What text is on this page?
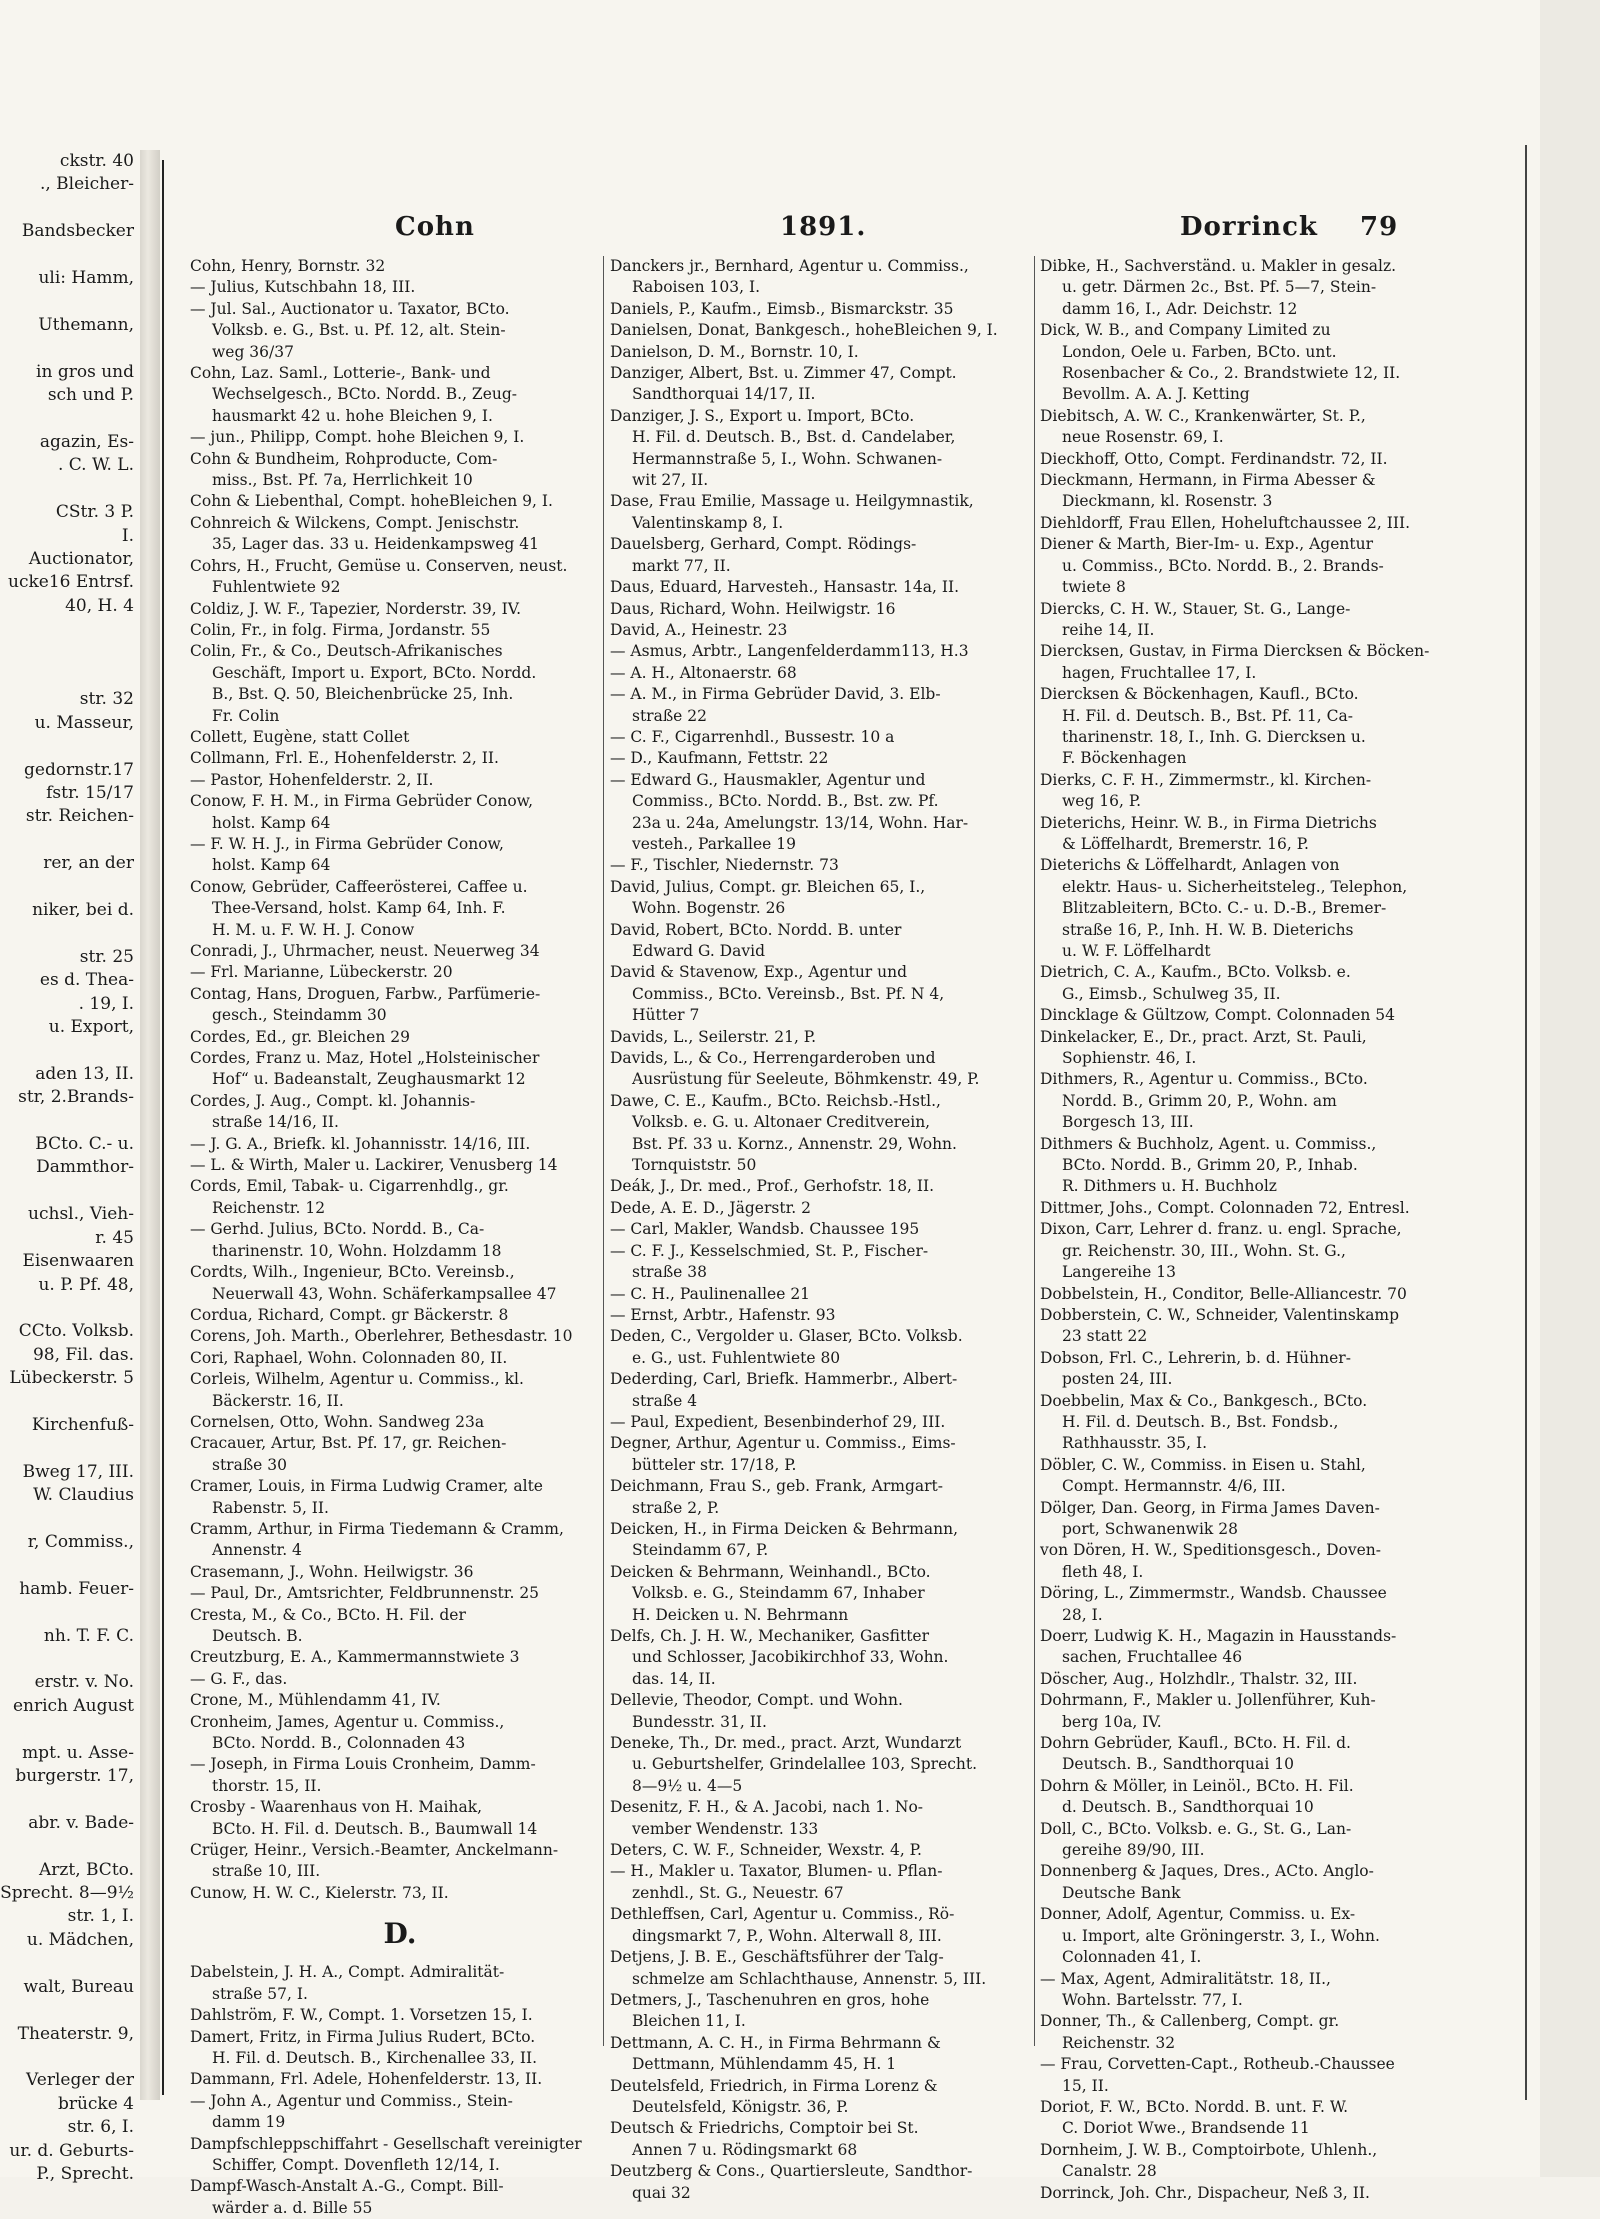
ckstr. 40
., Bleicher-

Bandsbecker

uli: Hamm,

Uthemann,

in gros und
sch und P.

agazin, Es-
. C. W. L.

CStr. 3 P.
I.
Auctionator,
ucke16 Entrsf.
40, H. 4

str. 32
u. Masseur,

gedornstr.17
fstr. 15/17
str. Reichen-

rer, an der

niker, bei d.

str. 25
es d. Thea-
. 19, I.
u. Export,

aden 13, II.
str, 2.Brands-

BCto. C.- u.
Dammthor-

uchsl., Vieh-
r. 45
Eisenwaaren
u. P. Pf. 48,

CCto. Volksb.
98, Fil. das.
Lübeckerstr. 5

Kirchenfuß-

Bweg 17, III.
W. Claudius

r, Commiss.,

hamb. Feuer-

nh. T. F. C.

erstr. v. No.
enrich August

mpt. u. Asse-
burgerstr. 17,

abr. v. Bade-

Arzt, BCto.
Sprecht. 8—9½
str. 1, I.
u. Mädchen,

walt, Bureau

Theaterstr. 9,

Verleger der
brücke 4
str. 6, I.
ur. d. Geburts-
P., Sprecht.
Cohn	1891.	Dorrinck 79
Cohn, Henry, Bornstr. 32
— Julius, Kutschbahn 18, III.
— Jul. Sal., Auctionator u. Taxator, BCto.
Volksb. e. G., Bst. u. Pf. 12, alt. Stein-
weg 36/37
Cohn, Laz. Saml., Lotterie-, Bank- und
Wechselgesch., BCto. Nordd. B., Zeug-
hausmarkt 42 u. hohe Bleichen 9, I.
— jun., Philipp, Compt. hohe Bleichen 9, I.
Cohn & Bundheim, Rohproducte, Com-
miss., Bst. Pf. 7a, Herrlichkeit 10
Cohn & Liebenthal, Compt. hoheBleichen 9, I.
Cohnreich & Wilckens, Compt. Jenischstr.
35, Lager das. 33 u. Heidenkampsweg 41
Cohrs, H., Frucht, Gemüse u. Conserven, neust.
Fuhlentwiete 92
Coldiz, J. W. F., Tapezier, Norderstr. 39, IV.
Colin, Fr., in folg. Firma, Jordanstr. 55
Colin, Fr., & Co., Deutsch-Afrikanisches
Geschäft, Import u. Export, BCto. Nordd.
B., Bst. Q. 50, Bleichenbrücke 25, Inh.
Fr. Colin
Collett, Eugène, statt Collet
Collmann, Frl. E., Hohenfelderstr. 2, II.
— Pastor, Hohenfelderstr. 2, II.
Conow, F. H. M., in Firma Gebrüder Conow,
holst. Kamp 64
— F. W. H. J., in Firma Gebrüder Conow,
holst. Kamp 64
Conow, Gebrüder, Caffeerösterei, Caffee u.
Thee-Versand, holst. Kamp 64, Inh. F.
H. M. u. F. W. H. J. Conow
Conradi, J., Uhrmacher, neust. Neuerweg 34
— Frl. Marianne, Lübeckerstr. 20
Contag, Hans, Droguen, Farbw., Parfümerie-
gesch., Steindamm 30
Cordes, Ed., gr. Bleichen 29
Cordes, Franz u. Maz, Hotel „Holsteinischer
Hof“ u. Badeanstalt, Zeughausmarkt 12
Cordes, J. Aug., Compt. kl. Johannis-
straße 14/16, II.
— J. G. A., Briefk. kl. Johannisstr. 14/16, III.
— L. & Wirth, Maler u. Lackirer, Venusberg 14
Cords, Emil, Tabak- u. Cigarrenhdlg., gr.
Reichenstr. 12
— Gerhd. Julius, BCto. Nordd. B., Ca-
tharinenstr. 10, Wohn. Holzdamm 18
Cordts, Wilh., Ingenieur, BCto. Vereinsb.,
Neuerwall 43, Wohn. Schäferkampsallee 47
Cordua, Richard, Compt. gr Bäckerstr. 8
Corens, Joh. Marth., Oberlehrer, Bethesdastr. 10
Cori, Raphael, Wohn. Colonnaden 80, II.
Corleis, Wilhelm, Agentur u. Commiss., kl.
Bäckerstr. 16, II.
Cornelsen, Otto, Wohn. Sandweg 23a
Cracauer, Artur, Bst. Pf. 17, gr. Reichen-
straße 30
Cramer, Louis, in Firma Ludwig Cramer, alte
Rabenstr. 5, II.
Cramm, Arthur, in Firma Tiedemann & Cramm,
Annenstr. 4
Crasemann, J., Wohn. Heilwigstr. 36
— Paul, Dr., Amtsrichter, Feldbrunnenstr. 25
Cresta, M., & Co., BCto. H. Fil. der
Deutsch. B.
Creutzburg, E. A., Kammermannstwiete 3
— G. F., das.
Crone, M., Mühlendamm 41, IV.
Cronheim, James, Agentur u. Commiss.,
BCto. Nordd. B., Colonnaden 43
— Joseph, in Firma Louis Cronheim, Damm-
thorstr. 15, II.
Crosby - Waarenhaus von H. Maihak,
BCto. H. Fil. d. Deutsch. B., Baumwall 14
Crüger, Heinr., Versich.-Beamter, Anckelmann-
straße 10, III.
Cunow, H. W. C., Kielerstr. 73, II.
D.
Dabelstein, J. H. A., Compt. Admiralität-
straße 57, I.
Dahlström, F. W., Compt. 1. Vorsetzen 15, I.
Damert, Fritz, in Firma Julius Rudert, BCto.
H. Fil. d. Deutsch. B., Kirchenallee 33, II.
Dammann, Frl. Adele, Hohenfelderstr. 13, II.
— John A., Agentur und Commiss., Stein-
damm 19
Dampfschleppschiffahrt - Gesellschaft vereinigter
Schiffer, Compt. Dovenfleth 12/14, I.
Dampf-Wasch-Anstalt A.-G., Compt. Bill-
wärder a. d. Bille 55
Danckers jr., Bernhard, Agentur u. Commiss.,
Raboisen 103, I.
Daniels, P., Kaufm., Eimsb., Bismarckstr. 35
Danielsen, Donat, Bankgesch., hoheBleichen 9, I.
Danielson, D. M., Bornstr. 10, I.
Danziger, Albert, Bst. u. Zimmer 47, Compt.
Sandthorquai 14/17, II.
Danziger, J. S., Export u. Import, BCto.
H. Fil. d. Deutsch. B., Bst. d. Candelaber,
Hermannstraße 5, I., Wohn. Schwanen-
wit 27, II.
Dase, Frau Emilie, Massage u. Heilgymnastik,
Valentinskamp 8, I.
Dauelsberg, Gerhard, Compt. Rödings-
markt 77, II.
Daus, Eduard, Harvesteh., Hansastr. 14a, II.
Daus, Richard, Wohn. Heilwigstr. 16
David, A., Heinestr. 23
— Asmus, Arbtr., Langenfelderdamm113, H.3
— A. H., Altonaerstr. 68
— A. M., in Firma Gebrüder David, 3. Elb-
straße 22
— C. F., Cigarrenhdl., Bussestr. 10 a
— D., Kaufmann, Fettstr. 22
— Edward G., Hausmakler, Agentur und
Commiss., BCto. Nordd. B., Bst. zw. Pf.
23a u. 24a, Amelungstr. 13/14, Wohn. Har-
vesteh., Parkallee 19
— F., Tischler, Niedernstr. 73
David, Julius, Compt. gr. Bleichen 65, I.,
Wohn. Bogenstr. 26
David, Robert, BCto. Nordd. B. unter
Edward G. David
David & Stavenow, Exp., Agentur und
Commiss., BCto. Vereinsb., Bst. Pf. N 4,
Hütter 7
Davids, L., Seilerstr. 21, P.
Davids, L., & Co., Herrengarderoben und
Ausrüstung für Seeleute, Böhmkenstr. 49, P.
Dawe, C. E., Kaufm., BCto. Reichsb.-Hstl.,
Volksb. e. G. u. Altonaer Creditverein,
Bst. Pf. 33 u. Kornz., Annenstr. 29, Wohn.
Tornquiststr. 50
Deák, J., Dr. med., Prof., Gerhofstr. 18, II.
Dede, A. E. D., Jägerstr. 2
— Carl, Makler, Wandsb. Chaussee 195
— C. F. J., Kesselschmied, St. P., Fischer-
straße 38
— C. H., Paulinenallee 21
— Ernst, Arbtr., Hafenstr. 93
Deden, C., Vergolder u. Glaser, BCto. Volksb.
e. G., ust. Fuhlentwiete 80
Dederding, Carl, Briefk. Hammerbr., Albert-
straße 4
— Paul, Expedient, Besenbinderhof 29, III.
Degner, Arthur, Agentur u. Commiss., Eims-
bütteler str. 17/18, P.
Deichmann, Frau S., geb. Frank, Armgart-
straße 2, P.
Deicken, H., in Firma Deicken & Behrmann,
Steindamm 67, P.
Deicken & Behrmann, Weinhandl., BCto.
Volksb. e. G., Steindamm 67, Inhaber
H. Deicken u. N. Behrmann
Delfs, Ch. J. H. W., Mechaniker, Gasfitter
und Schlosser, Jacobikirchhof 33, Wohn.
das. 14, II.
Dellevie, Theodor, Compt. und Wohn.
Bundesstr. 31, II.
Deneke, Th., Dr. med., pract. Arzt, Wundarzt
u. Geburtshelfer, Grindelallee 103, Sprecht.
8—9½ u. 4—5
Desenitz, F. H., & A. Jacobi, nach 1. No-
vember Wendenstr. 133
Deters, C. W. F., Schneider, Wexstr. 4, P.
— H., Makler u. Taxator, Blumen- u. Pflan-
zenhdl., St. G., Neuestr. 67
Dethleffsen, Carl, Agentur u. Commiss., Rö-
dingsmarkt 7, P., Wohn. Alterwall 8, III.
Detjens, J. B. E., Geschäftsführer der Talg-
schmelze am Schlachthause, Annenstr. 5, III.
Detmers, J., Taschenuhren en gros, hohe
Bleichen 11, I.
Dettmann, A. C. H., in Firma Behrmann &
Dettmann, Mühlendamm 45, H. 1
Deutelsfeld, Friedrich, in Firma Lorenz &
Deutelsfeld, Königstr. 36, P.
Deutsch & Friedrichs, Comptoir bei St.
Annen 7 u. Rödingsmarkt 68
Deutzberg & Cons., Quartiersleute, Sandthor-
quai 32
Dibke, H., Sachverständ. u. Makler in gesalz.
u. getr. Därmen 2c., Bst. Pf. 5—7, Stein-
damm 16, I., Adr. Deichstr. 12
Dick, W. B., and Company Limited zu
London, Oele u. Farben, BCto. unt.
Rosenbacher & Co., 2. Brandstwiete 12, II.
Bevollm. A. A. J. Ketting
Diebitsch, A. W. C., Krankenwärter, St. P.,
neue Rosenstr. 69, I.
Dieckhoff, Otto, Compt. Ferdinandstr. 72, II.
Dieckmann, Hermann, in Firma Abesser &
Dieckmann, kl. Rosenstr. 3
Diehldorff, Frau Ellen, Hoheluftchaussee 2, III.
Diener & Marth, Bier-Im- u. Exp., Agentur
u. Commiss., BCto. Nordd. B., 2. Brands-
twiete 8
Diercks, C. H. W., Stauer, St. G., Lange-
reihe 14, II.
Diercksen, Gustav, in Firma Diercksen & Böcken-
hagen, Fruchtallee 17, I.
Diercksen & Böckenhagen, Kaufl., BCto.
H. Fil. d. Deutsch. B., Bst. Pf. 11, Ca-
tharinenstr. 18, I., Inh. G. Diercksen u.
F. Böckenhagen
Dierks, C. F. H., Zimmermstr., kl. Kirchen-
weg 16, P.
Dieterichs, Heinr. W. B., in Firma Dietrichs
& Löffelhardt, Bremerstr. 16, P.
Dieterichs & Löffelhardt, Anlagen von
elektr. Haus- u. Sicherheitsteleg., Telephon,
Blitzableitern, BCto. C.- u. D.-B., Bremer-
straße 16, P., Inh. H. W. B. Dieterichs
u. W. F. Löffelhardt
Dietrich, C. A., Kaufm., BCto. Volksb. e.
G., Eimsb., Schulweg 35, II.
Dincklage & Gültzow, Compt. Colonnaden 54
Dinkelacker, E., Dr., pract. Arzt, St. Pauli,
Sophienstr. 46, I.
Dithmers, R., Agentur u. Commiss., BCto.
Nordd. B., Grimm 20, P., Wohn. am
Borgesch 13, III.
Dithmers & Buchholz, Agent. u. Commiss.,
BCto. Nordd. B., Grimm 20, P., Inhab.
R. Dithmers u. H. Buchholz
Dittmer, Johs., Compt. Colonnaden 72, Entresl.
Dixon, Carr, Lehrer d. franz. u. engl. Sprache,
gr. Reichenstr. 30, III., Wohn. St. G.,
Langereihe 13
Dobbelstein, H., Conditor, Belle-Alliancestr. 70
Dobberstein, C. W., Schneider, Valentinskamp
23 statt 22
Dobson, Frl. C., Lehrerin, b. d. Hühner-
posten 24, III.
Doebbelin, Max & Co., Bankgesch., BCto.
H. Fil. d. Deutsch. B., Bst. Fondsb.,
Rathhausstr. 35, I.
Döbler, C. W., Commiss. in Eisen u. Stahl,
Compt. Hermannstr. 4/6, III.
Dölger, Dan. Georg, in Firma James Daven-
port, Schwanenwik 28
von Dören, H. W., Speditionsgesch., Doven-
fleth 48, I.
Döring, L., Zimmermstr., Wandsb. Chaussee
28, I.
Doerr, Ludwig K. H., Magazin in Hausstands-
sachen, Fruchtallee 46
Döscher, Aug., Holzhdlr., Thalstr. 32, III.
Dohrmann, F., Makler u. Jollenführer, Kuh-
berg 10a, IV.
Dohrn Gebrüder, Kaufl., BCto. H. Fil. d.
Deutsch. B., Sandthorquai 10
Dohrn & Möller, in Leinöl., BCto. H. Fil.
d. Deutsch. B., Sandthorquai 10
Doll, C., BCto. Volksb. e. G., St. G., Lan-
gereihe 89/90, III.
Donnenberg & Jaques, Dres., ACto. Anglo-
Deutsche Bank
Donner, Adolf, Agentur, Commiss. u. Ex-
u. Import, alte Gröningerstr. 3, I., Wohn.
Colonnaden 41, I.
— Max, Agent, Admiralitätstr. 18, II.,
Wohn. Bartelsstr. 77, I.
Donner, Th., & Callenberg, Compt. gr.
Reichenstr. 32
— Frau, Corvetten-Capt., Rotheub.-Chaussee
15, II.
Doriot, F. W., BCto. Nordd. B. unt. F. W.
C. Doriot Wwe., Brandsende 11
Dornheim, J. W. B., Comptoirbote, Uhlenh.,
Canalstr. 28
Dorrinck, Joh. Chr., Dispacheur, Neß 3, II.
